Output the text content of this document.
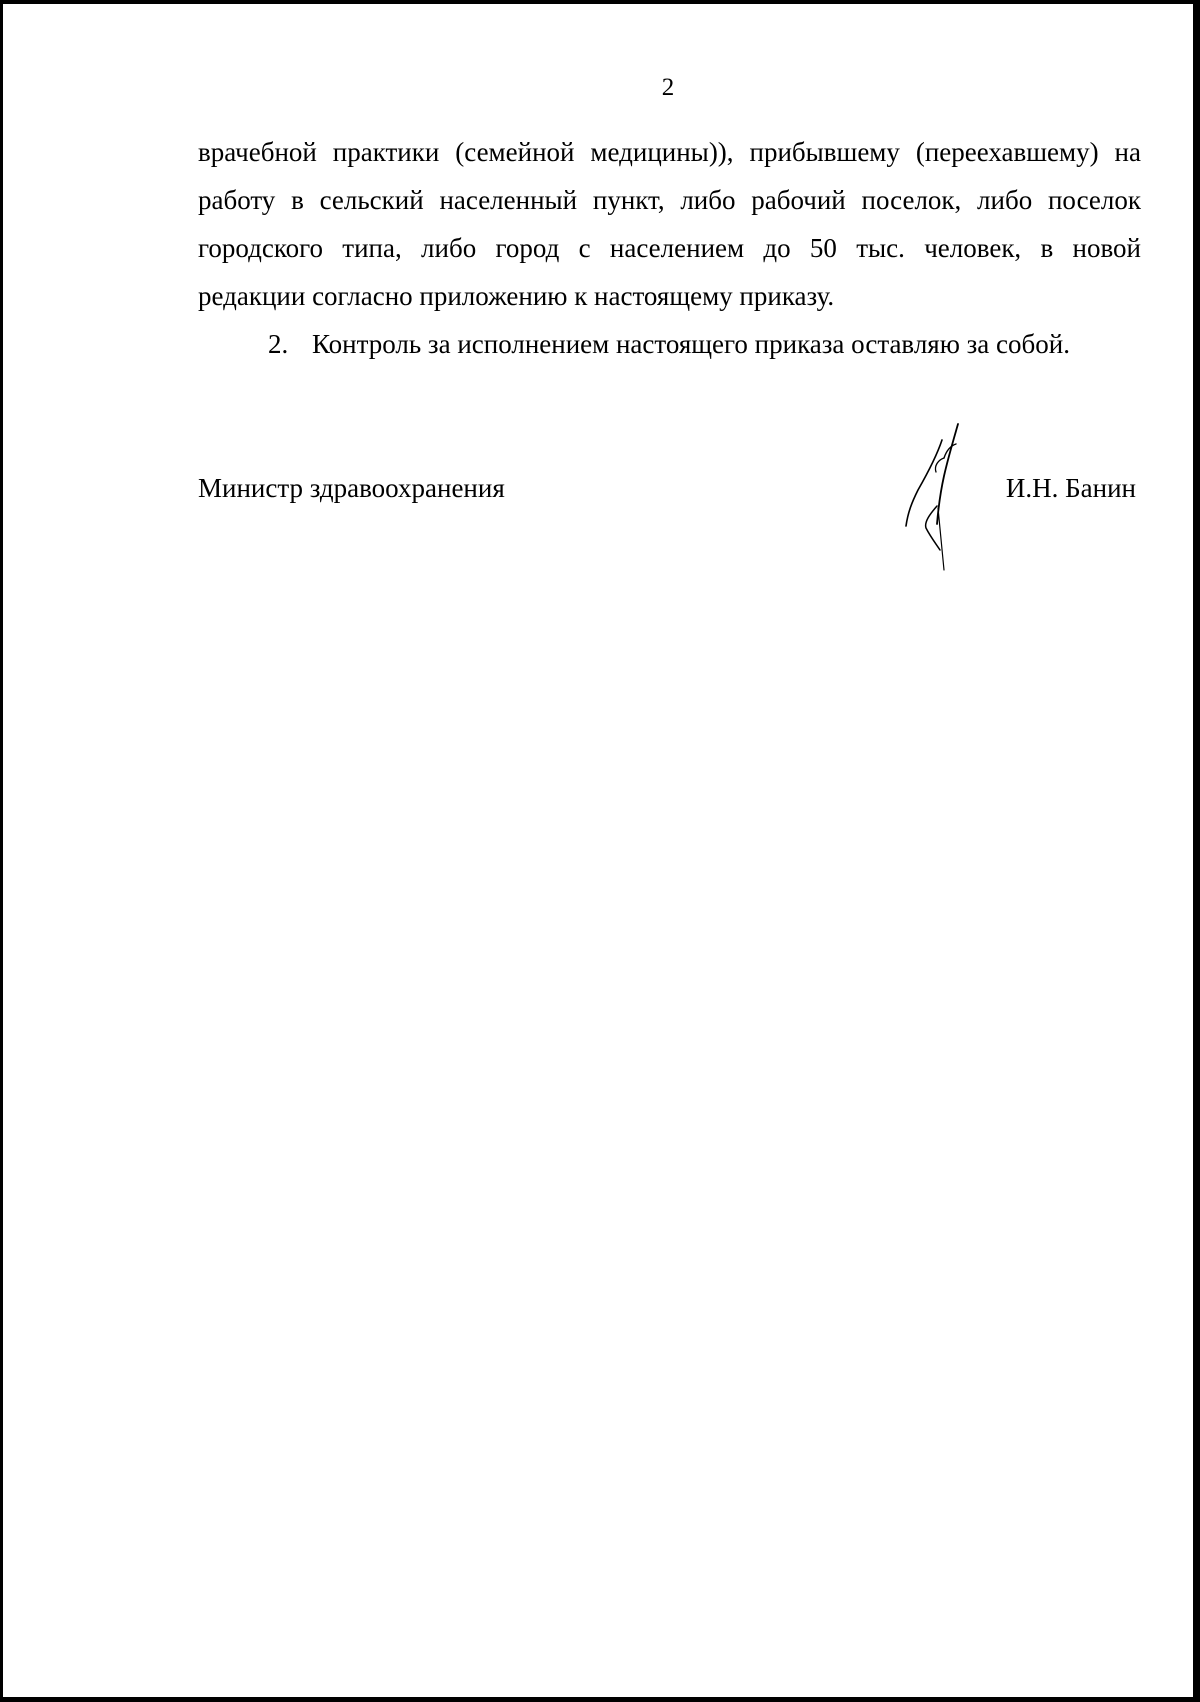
2

врачебной практики (семейной медицины)), прибывшему (переехавшему) на
работу в сельский населенный пункт, либо рабочий поселок, либо поселок
городского типа, либо город с населением до 50 тыс. человек, в новой
редакции согласно приложению к настоящему приказу.

2. Контроль за исполнением настоящего приказа оставляю за собой.

Министр здравоохранения	И.Н. Банин
